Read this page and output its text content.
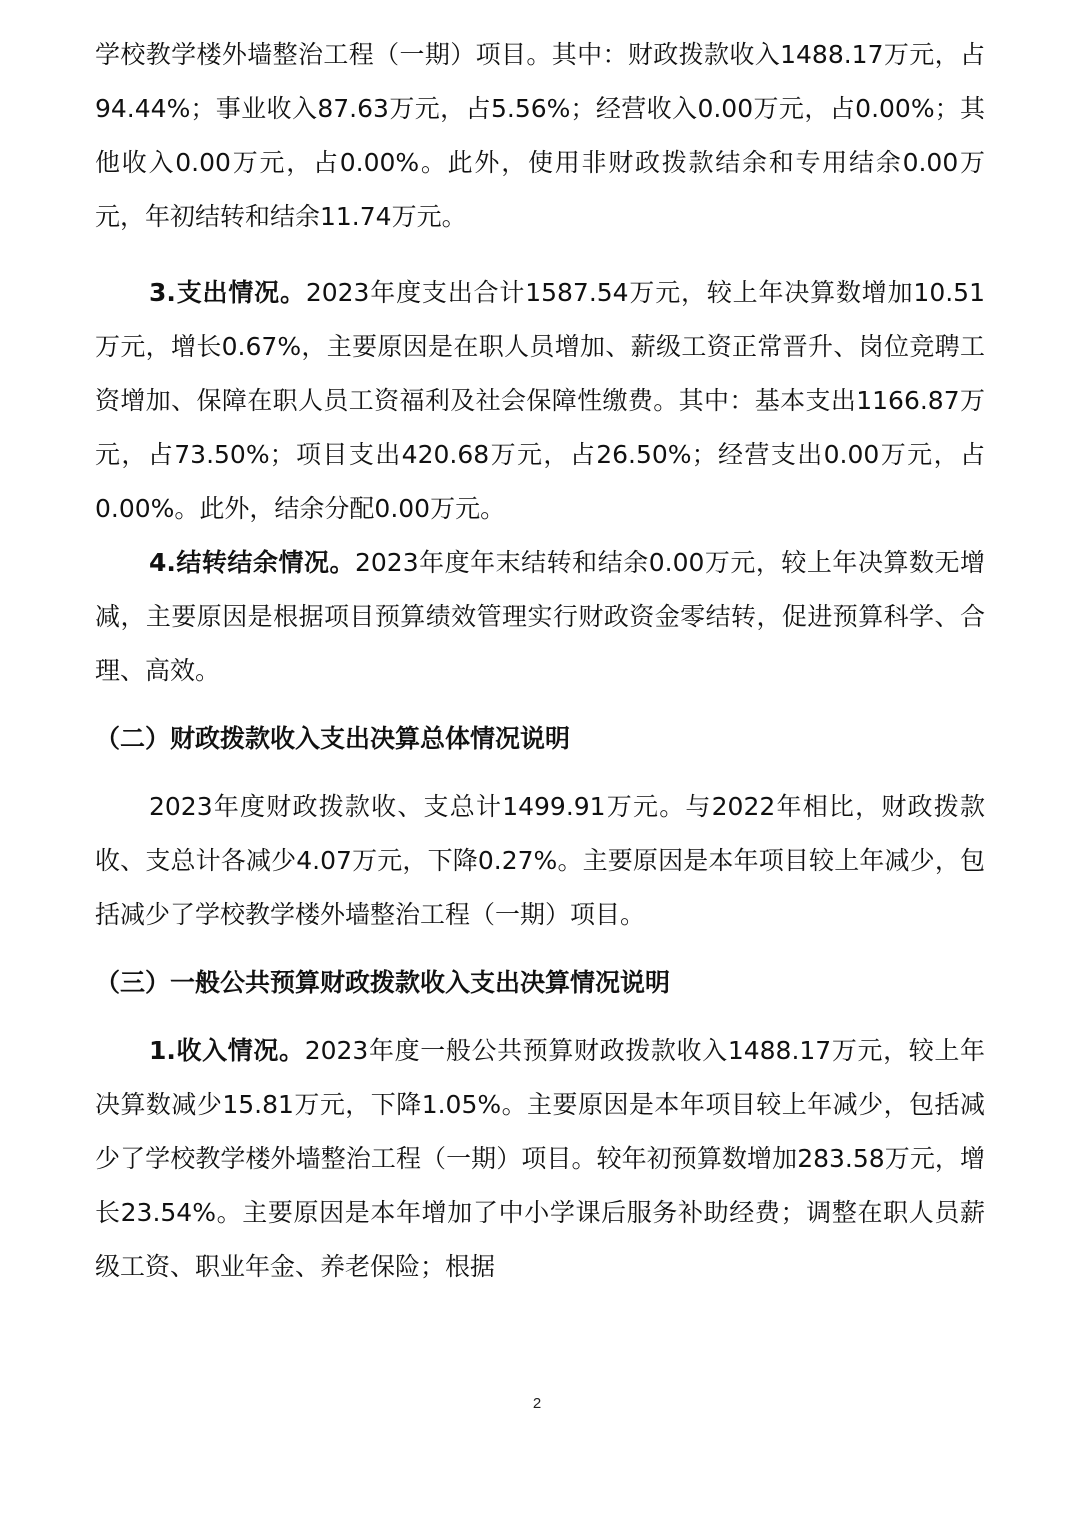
学校教学楼外墙整治工程（一期）项目。其中：财政拨款收入1488.17万元，占94.44%；事业收入87.63万元，占5.56%；经营收入0.00万元，占0.00%；其他收入0.00万元，占0.00%。此外，使用非财政拨款结余和专用结余0.00万元，年初结转和结余11.74万元。

3.支出情况。2023年度支出合计1587.54万元，较上年决算数增加10.51万元，增长0.67%，主要原因是在职人员增加、薪级工资正常晋升、岗位竞聘工资增加、保障在职人员工资福利及社会保障性缴费。其中：基本支出1166.87万元，占73.50%；项目支出420.68万元，占26.50%；经营支出0.00万元，占0.00%。此外，结余分配0.00万元。

4.结转结余情况。2023年度年末结转和结余0.00万元，较上年决算数无增减，主要原因是根据项目预算绩效管理实行财政资金零结转，促进预算科学、合理、高效。

（二）财政拨款收入支出决算总体情况说明

2023年度财政拨款收、支总计1499.91万元。与2022年相比，财政拨款收、支总计各减少4.07万元，下降0.27%。主要原因是本年项目较上年减少，包括减少了学校教学楼外墙整治工程（一期）项目。

（三）一般公共预算财政拨款收入支出决算情况说明

1.收入情况。2023年度一般公共预算财政拨款收入1488.17万元，较上年决算数减少15.81万元，下降1.05%。主要原因是本年项目较上年减少，包括减少了学校教学楼外墙整治工程（一期）项目。较年初预算数增加283.58万元，增长23.54%。主要原因是本年增加了中小学课后服务补助经费；调整在职人员薪级工资、职业年金、养老保险；根据

2
